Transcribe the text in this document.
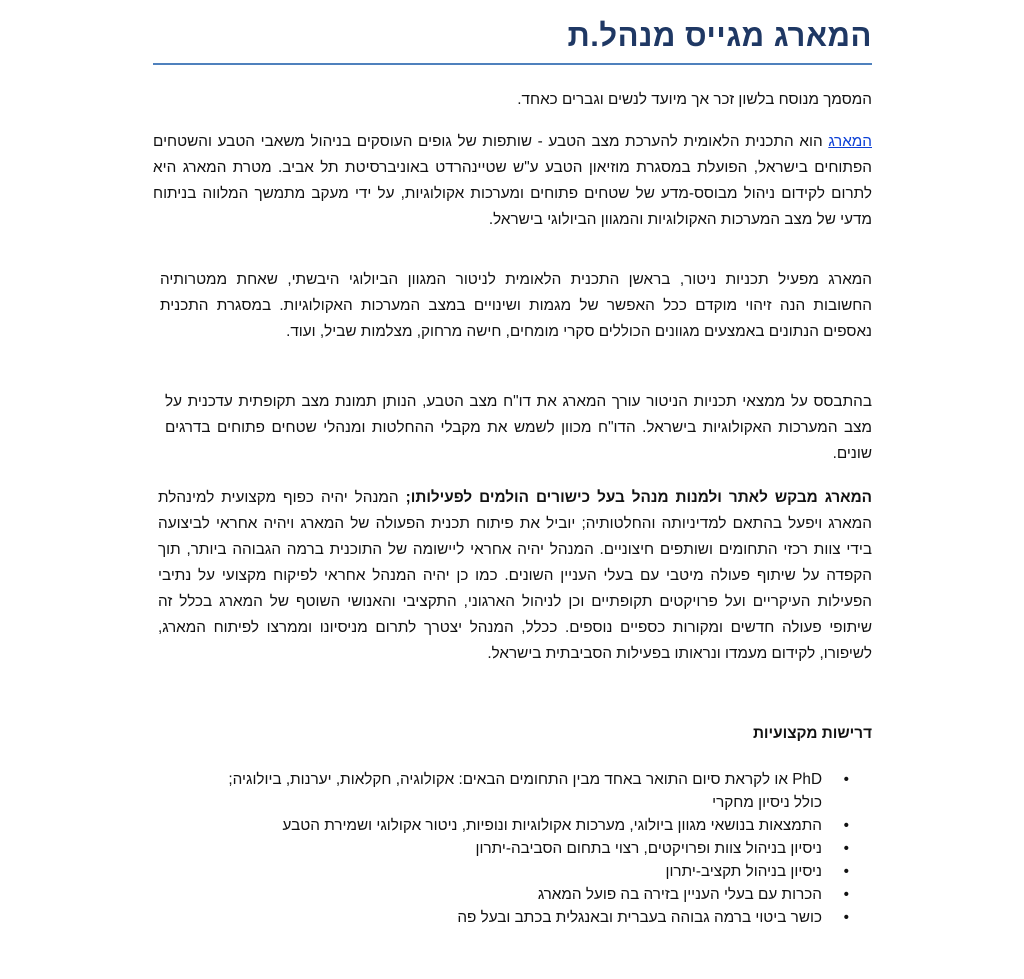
המארג מגייס מנהל.ת

המסמך מנוסח בלשון זכר אך מיועד לנשים וגברים כאחד.

המארג הוא התכנית הלאומית להערכת מצב הטבע - שותפות של גופים העוסקים בניהול משאבי הטבע והשטחים הפתוחים בישראל, הפועלת במסגרת מוזיאון הטבע ע"ש שטיינהרדט באוניברסיטת תל אביב. מטרת המארג היא לתרום לקידום ניהול מבוסס-מדע של שטחים פתוחים ומערכות אקולוגיות, על ידי מעקב מתמשך המלווה בניתוח מדעי של מצב המערכות האקולוגיות והמגוון הביולוגי בישראל.

המארג מפעיל תכניות ניטור, בראשן התכנית הלאומית לניטור המגוון הביולוגי היבשתי, שאחת ממטרותיה החשובות הנה זיהוי מוקדם ככל האפשר של מגמות ושינויים במצב המערכות האקולוגיות. במסגרת התכנית נאספים הנתונים באמצעים מגוונים הכוללים סקרי מומחים, חישה מרחוק, מצלמות שביל, ועוד.

בהתבסס על ממצאי תכניות הניטור עורך המארג את דו"ח מצב הטבע, הנותן תמונת מצב תקופתית עדכנית על מצב המערכות האקולוגיות בישראל. הדו"ח מכוון לשמש את מקבלי ההחלטות ומנהלי שטחים פתוחים בדרגים שונים.

המארג מבקש לאתר ולמנות מנהל בעל כישורים הולמים לפעילותו; המנהל יהיה כפוף מקצועית למינהלת המארג ויפעל בהתאם למדיניותה והחלטותיה; יוביל את פיתוח תכנית הפעולה של המארג ויהיה אחראי לביצועה בידי צוות רכזי התחומים ושותפים חיצוניים. המנהל יהיה אחראי ליישומה של התוכנית ברמה הגבוהה ביותר, תוך הקפדה על שיתוף פעולה מיטבי עם בעלי העניין השונים. כמו כן יהיה המנהל אחראי לפיקוח מקצועי על נתיבי הפעילות העיקריים ועל פרויקטים תקופתיים וכן לניהול הארגוני, התקציבי והאנושי השוטף של המארג בכלל זה שיתופי פעולה חדשים ומקורות כספיים נוספים. ככלל, המנהל יצטרך לתרום מניסיונו וממרצו לפיתוח המארג, לשיפורו, לקידום מעמדו ונראותו בפעילות הסביבתית בישראל.

דרישות מקצועיות
• PhD או לקראת סיום התואר באחד מבין התחומים הבאים: אקולוגיה, חקלאות, יערנות, ביולוגיה; כולל ניסיון מחקרי
• התמצאות בנושאי מגוון ביולוגי, מערכות אקולוגיות ונופיות, ניטור אקולוגי ושמירת הטבע
• ניסיון בניהול צוות ופרויקטים, רצוי בתחום הסביבה-יתרון
• ניסיון בניהול תקציב-יתרון
• הכרות עם בעלי העניין בזירה בה פועל המארג
• כושר ביטוי ברמה גבוהה בעברית ובאנגלית בכתב ובעל פה
